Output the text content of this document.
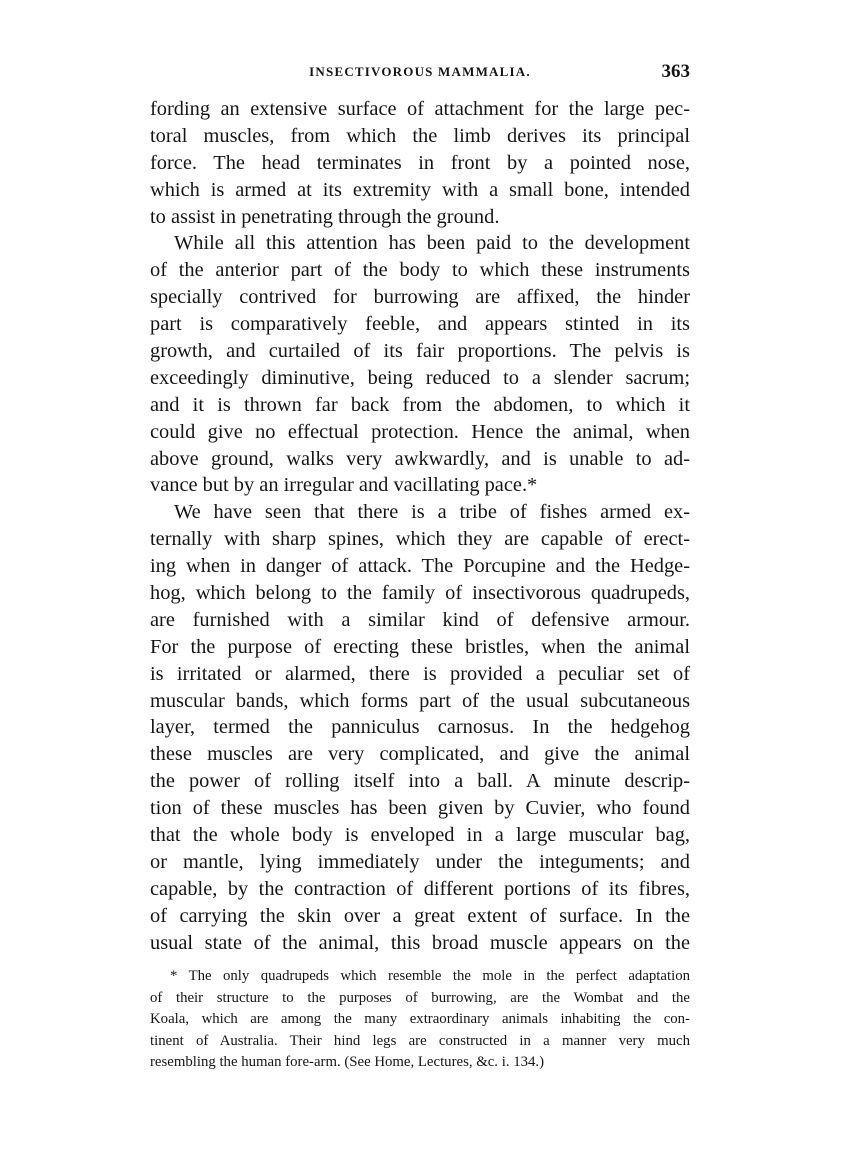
INSECTIVOROUS MAMMALIA.	363
fording an extensive surface of attachment for the large pec-
toral muscles, from which the limb derives its principal
force. The head terminates in front by a pointed nose,
which is armed at its extremity with a small bone, intended
to assist in penetrating through the ground.
While all this attention has been paid to the development
of the anterior part of the body to which these instruments
specially contrived for burrowing are affixed, the hinder
part is comparatively feeble, and appears stinted in its
growth, and curtailed of its fair proportions. The pelvis is
exceedingly diminutive, being reduced to a slender sacrum;
and it is thrown far back from the abdomen, to which it
could give no effectual protection. Hence the animal, when
above ground, walks very awkwardly, and is unable to ad-
vance but by an irregular and vacillating pace.*
We have seen that there is a tribe of fishes armed ex-
ternally with sharp spines, which they are capable of erect-
ing when in danger of attack. The Porcupine and the Hedge-
hog, which belong to the family of insectivorous quadrupeds,
are furnished with a similar kind of defensive armour.
For the purpose of erecting these bristles, when the animal
is irritated or alarmed, there is provided a peculiar set of
muscular bands, which forms part of the usual subcutaneous
layer, termed the panniculus carnosus. In the hedgehog
these muscles are very complicated, and give the animal
the power of rolling itself into a ball. A minute descrip-
tion of these muscles has been given by Cuvier, who found
that the whole body is enveloped in a large muscular bag,
or mantle, lying immediately under the integuments; and
capable, by the contraction of different portions of its fibres,
of carrying the skin over a great extent of surface. In the
usual state of the animal, this broad muscle appears on the
* The only quadrupeds which resemble the mole in the perfect adaptation
of their structure to the purposes of burrowing, are the Wombat and the
Koala, which are among the many extraordinary animals inhabiting the con-
tinent of Australia. Their hind legs are constructed in a manner very much
resembling the human fore-arm. (See Home, Lectures, &c. i. 134.)
